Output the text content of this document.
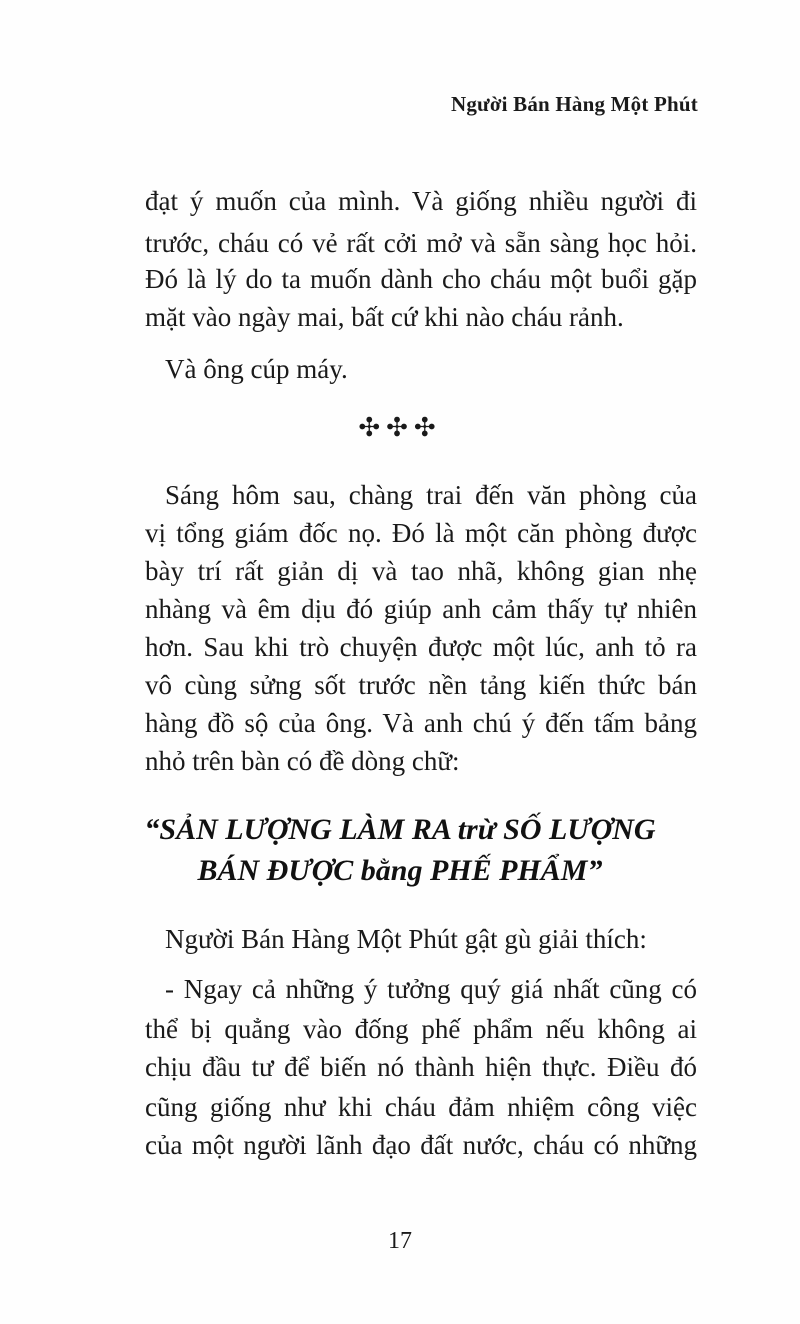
Người Bán Hàng Một Phút
đạt ý muốn của mình. Và giống nhiều người đi
trước, cháu có vẻ rất cởi mở và sẵn sàng học hỏi.
Đó là lý do ta muốn dành cho cháu một buổi gặp
mặt vào ngày mai, bất cứ khi nào cháu rảnh.
Và ông cúp máy.
✣✣✣
Sáng hôm sau, chàng trai đến văn phòng của
vị tổng giám đốc nọ. Đó là một căn phòng được
bày trí rất giản dị và tao nhã, không gian nhẹ
nhàng và êm dịu đó giúp anh cảm thấy tự nhiên
hơn. Sau khi trò chuyện được một lúc, anh tỏ ra
vô cùng sửng sốt trước nền tảng kiến thức bán
hàng đồ sộ của ông. Và anh chú ý đến tấm bảng
nhỏ trên bàn có đề dòng chữ:
“SẢN LƯỢNG LÀM RA trừ SỐ LƯỢNG
BÁN ĐƯỢC bằng PHẾ PHẨM”
Người Bán Hàng Một Phút gật gù giải thích:
- Ngay cả những ý tưởng quý giá nhất cũng có
thể bị quẳng vào đống phế phẩm nếu không ai
chịu đầu tư để biến nó thành hiện thực. Điều đó
cũng giống như khi cháu đảm nhiệm công việc
của một người lãnh đạo đất nước, cháu có những
17
